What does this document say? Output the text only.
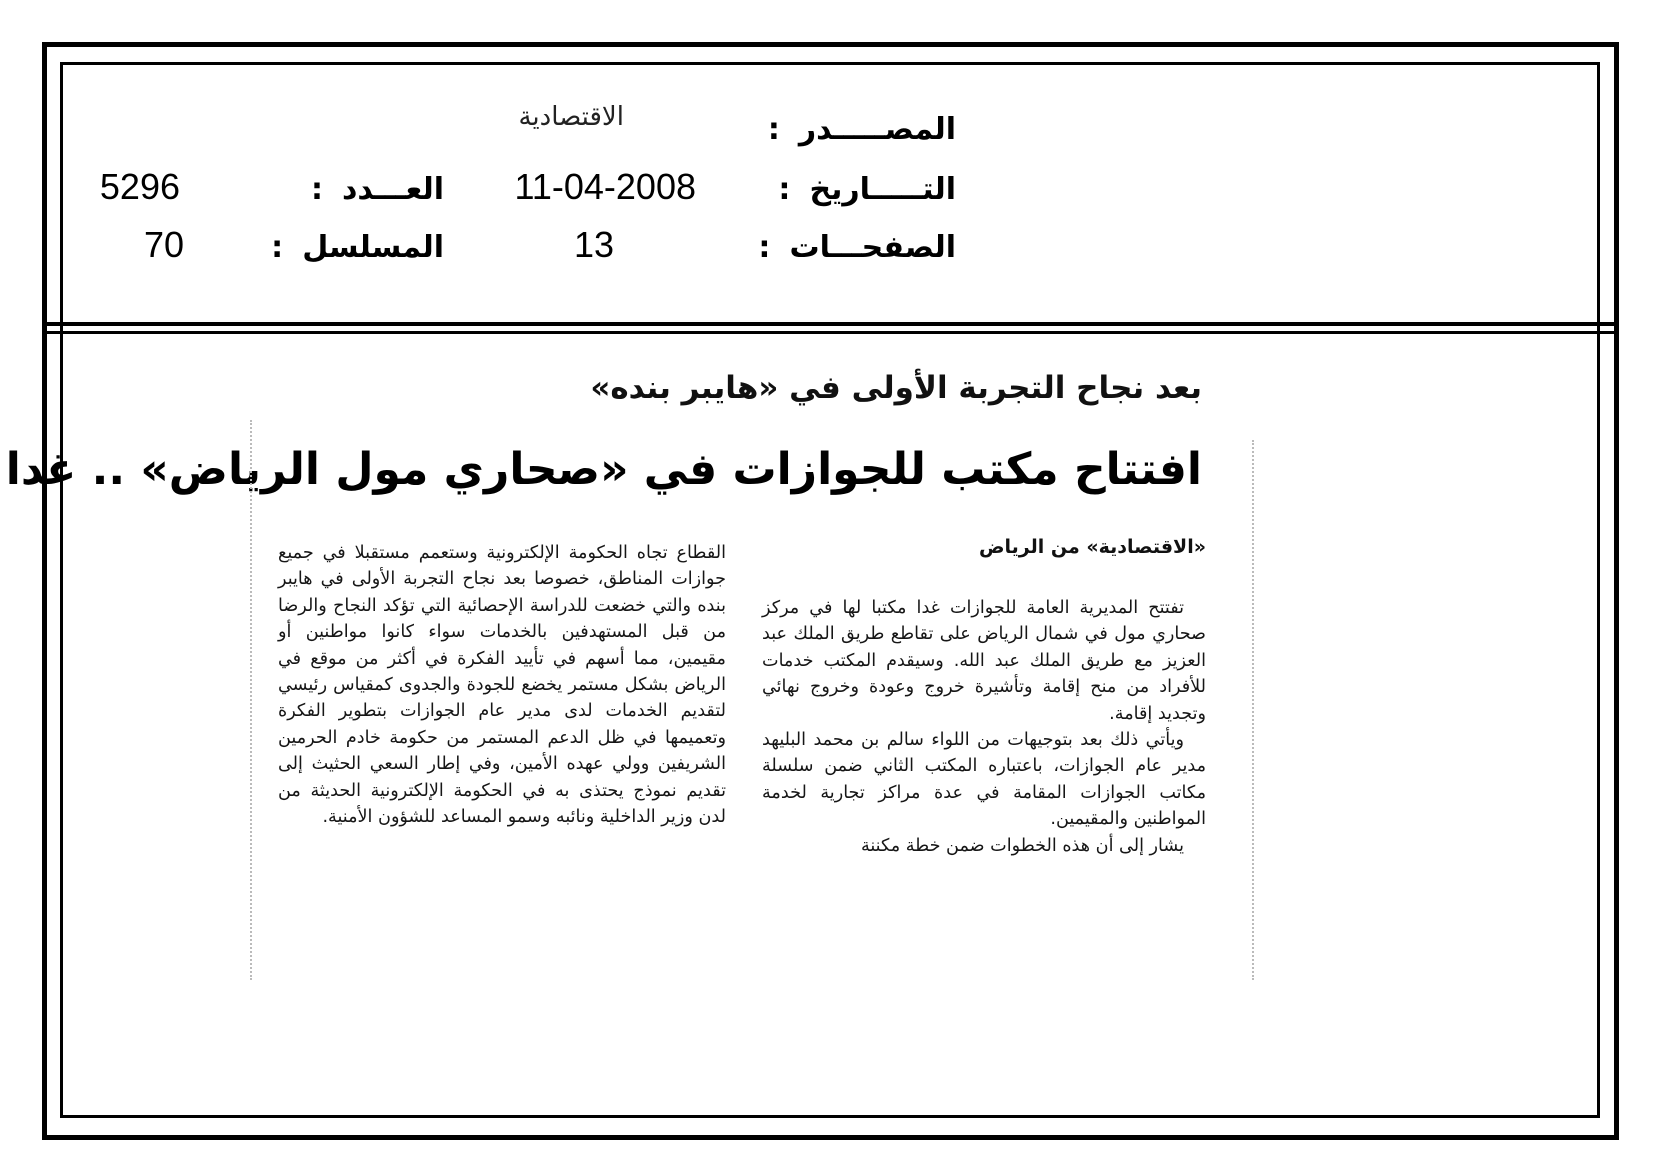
المصـــــدر :
الاقتصادية
التـــــاريخ :
11-04-2008
العـــدد :
5296
الصفحـــات :
13
المسلسل :
70
بعد نجاح التجربة الأولى في «هايبر بنده»
افتتاح مكتب للجوازات في «صحاري مول الرياض» .. غدا
«الاقتصادية» من الرياض

تفتتح المديرية العامة للجوازات غدا مكتبا لها في مركز صحاري مول في شمال الرياض على تقاطع طريق الملك عبد العزيز مع طريق الملك عبد الله. وسيقدم المكتب خدمات للأفراد من منح إقامة وتأشيرة خروج وعودة وخروج نهائي وتجديد إقامة.

ويأتي ذلك بعد بتوجيهات من اللواء سالم بن محمد البليهد مدير عام الجوازات، باعتباره المكتب الثاني ضمن سلسلة مكاتب الجوازات المقامة في عدة مراكز تجارية لخدمة المواطنين والمقيمين.

يشار إلى أن هذه الخطوات ضمن خطة مكننة

القطاع تجاه الحكومة الإلكترونية وستعمم مستقبلا في جميع جوازات المناطق، خصوصا بعد نجاح التجربة الأولى في هايبر بنده والتي خضعت للدراسة الإحصائية التي تؤكد النجاح والرضا من قبل المستهدفين بالخدمات سواء كانوا مواطنين أو مقيمين، مما أسهم في تأييد الفكرة في أكثر من موقع في الرياض بشكل مستمر يخضع للجودة والجدوى كمقياس رئيسي لتقديم الخدمات لدى مدير عام الجوازات بتطوير الفكرة وتعميمها في ظل الدعم المستمر من حكومة خادم الحرمين الشريفين وولي عهده الأمين، وفي إطار السعي الحثيث إلى تقديم نموذج يحتذى به في الحكومة الإلكترونية الحديثة من لدن وزير الداخلية ونائبه وسمو المساعد للشؤون الأمنية.
